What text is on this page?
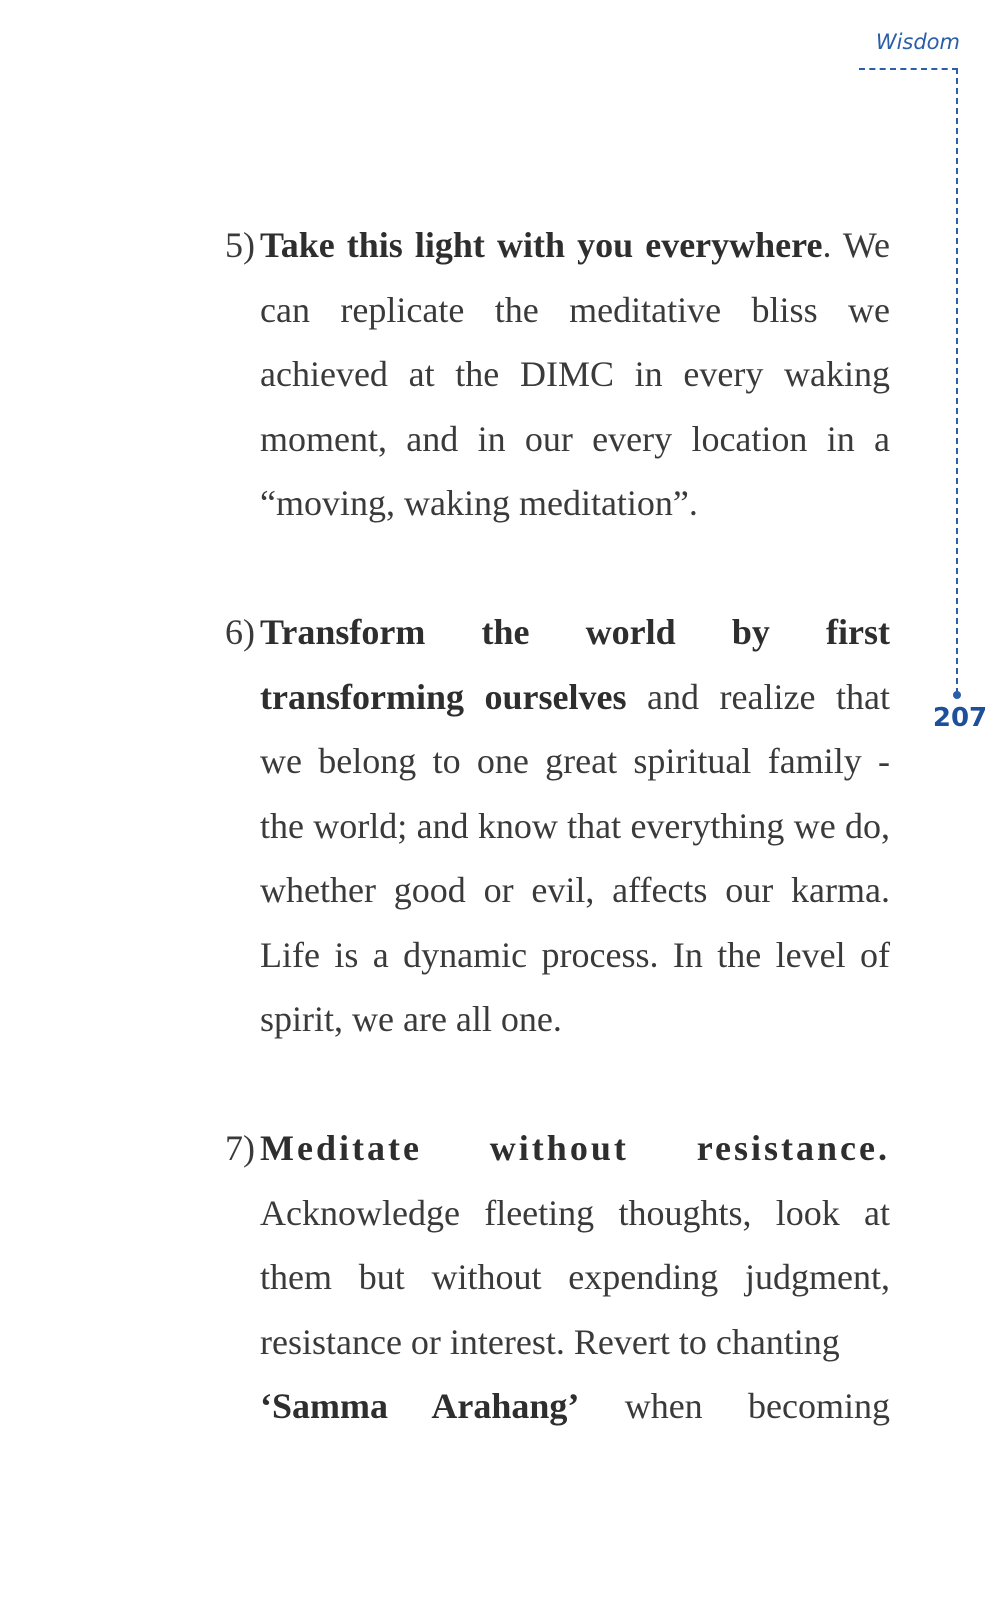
Wisdom
207
5) Take this light with you everywhere. We can replicate the meditative bliss we achieved at the DIMC in every waking moment, and in our every location in a “moving, waking meditation”.
6) Transform the world by first transforming ourselves and realize that we belong to one great spiritual family - the world; and know that everything we do, whether good or evil, affects our karma. Life is a dynamic process. In the level of spirit, we are all one.
7) Meditate without resistance. Acknowledge fleeting thoughts, look at them but without expending judgment, resistance or interest. Revert to chanting
‘Samma Arahang’ when becoming
